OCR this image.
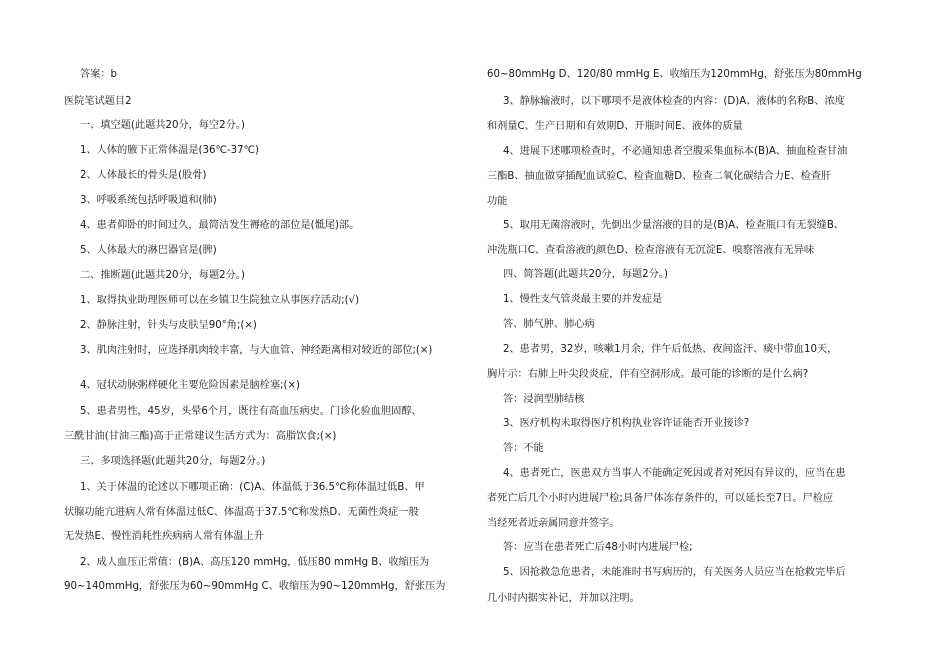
答案：b
医院笔试题目2
一、填空题(此题共20分，每空2分。)
1、人体的腋下正常体温是(36℃-37℃)
2、人体最长的骨头是(股骨)
3、呼吸系统包括呼吸道和(肺)
4、患者仰卧的时间过久，最简洁发生褥疮的部位是(骶尾)部。
5、人体最大的淋巴器官是(脾)
二、推断题(此题共20分，每题2分。)
1、取得执业助理医师可以在乡镇卫生院独立从事医疗活动;(√)
2、静脉注射，针头与皮肤呈90°角;(×)
3、肌肉注射时，应选择肌肉较丰富，与大血管、神经距离相对较近的部位;(×)
4、冠状动脉粥样硬化主要危险因素是脑栓塞;(×)
5、患者男性，45岁，头晕6个月，既往有高血压病史。门诊化验血胆固醇、
三酰甘油(甘油三酯)高于正常建议生活方式为：高脂饮食;(×)
三、多项选择题(此题共20分，每题2分。)
1、关于体温的论述以下哪项正确：(C)A、体温低于36.5℃称体温过低B、甲
状腺功能亢进病人常有体温过低C、体温高于37.5℃称发热D、无菌性炎症一般
无发热E、慢性消耗性疾病病人常有体温上升
2、成人血压正常值：(B)A、高压120 mmHg，低压80 mmHg B、收缩压为
90~140mmHg，舒张压为60~90mmHg C、收缩压为90~120mmHg，舒张压为
60~80mmHg D、120/80 mmHg E、收缩压为120mmHg，舒张压为80mmHg
3、静脉输液时，以下哪项不是液体检查的内容：(D)A、液体的名称B、浓度
和剂量C、生产日期和有效期D、开瓶时间E、液体的质量
4、进展下述哪项检查时，不必通知患者空腹采集血标本(B)A、抽血检查甘油
三酯B、抽血做穿插配血试验C、检查血糖D、检查二氧化碳结合力E、检查肝
功能
5、取用无菌溶液时，先倒出少量溶液的目的是(B)A、检查瓶口有无裂缝B、
冲洗瓶口C、查看溶液的颜色D、检查溶液有无沉淀E、嗅察溶液有无异味
四、简答题(此题共20分，每题2分。)
1、慢性支气管炎最主要的并发症是
答、肺气肿、肺心病
2、患者男，32岁，咳嗽1月余，伴午后低热、夜间盗汗、痰中带血10天，
胸片示：右肺上叶尖段炎症，伴有空洞形成。最可能的诊断的是什么病?
答：浸润型肺结核
3、医疗机构未取得医疗机构执业容许证能否开业接诊?
答：不能
4、患者死亡，医患双方当事人不能确定死因或者对死因有异议的，应当在患
者死亡后几个小时内进展尸检;具备尸体冻存条件的，可以延长至7日。尸检应
当经死者近亲属同意并签字。
答：应当在患者死亡后48小时内进展尸检;
5、因抢救急危患者，未能准时书写病历的，有关医务人员应当在抢救完毕后
几小时内据实补记，并加以注明。
